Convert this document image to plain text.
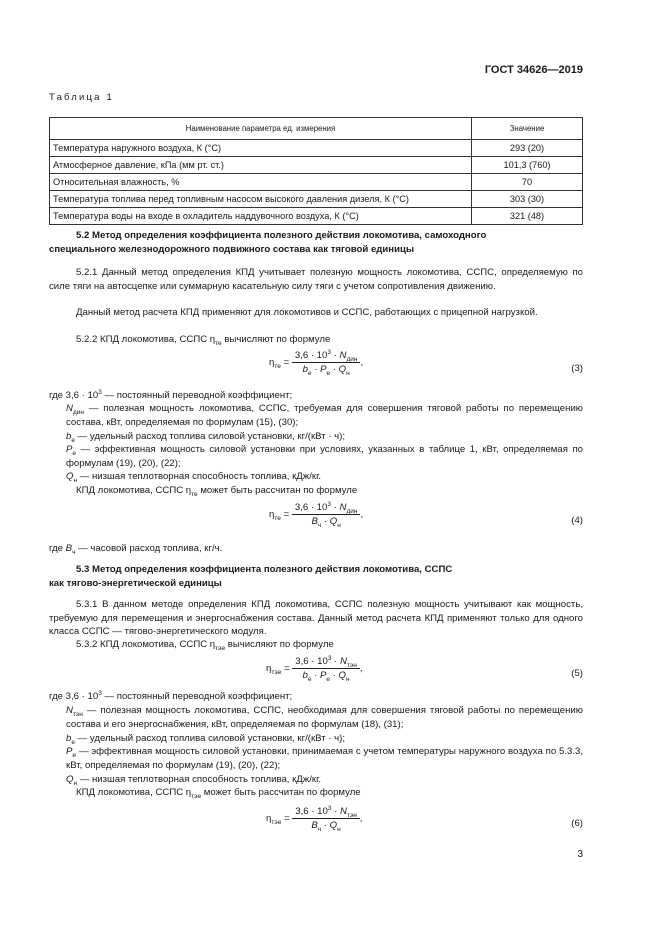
ГОСТ 34626—2019
Таблица 1
Наименование параметра ед. измерения	Значение
Температура наружного воздуха, К (°С)	293 (20)
Атмосферное давление, кПа (мм рт. ст.)	101,3 (760)
Относительная влажность, %	70
Температура топлива перед топливным насосом высокого давления дизеля, К (°С)	303 (30)
Температура воды на входе в охладитель наддувочного воздуха, К (°С)	321 (48)
5.2 Метод определения коэффициента полезного действия локомотива, самоходного
специального железнодорожного подвижного состава как тяговой единицы
5.2.1 Данный метод определения КПД учитывает полезную мощность локомотива, ССПС, определяемую по силе тяги на автосцепке или суммарную касательную силу тяги с учетом сопротивления движению.
Данный метод расчета КПД применяют для локомотивов и ССПС, работающих с прицепной нагрузкой.
5.2.2 КПД локомотива, ССПС $\eta_{те}$ вычисляют по формуле
$\eta_{те} = \frac{3,6 \cdot 10^3 \cdot N_{дин}}{b_e \cdot P_e \cdot Q_н}$ ,
(3)
где $3,6 \cdot 10^3$ — постоянный переводной коэффициент;
$N_{дин}$ — полезная мощность локомотива, ССПС, требуемая для совершения тяговой работы по перемещению состава, кВт, определяемая по формулам (15), (30);
$b_e$ — удельный расход топлива силовой установки, кг/(кВт · ч);
$P_e$ — эффективная мощность силовой установки при условиях, указанных в таблице 1, кВт, определяемая по формулам (19), (20), (22);
$Q_н$ — низшая теплотворная способность топлива, кДж/кг.
КПД локомотива, ССПС $\eta_{те}$ может быть рассчитан по формуле
$\eta_{те} = \frac{3,6 \cdot 10^3 \cdot N_{дин}}{B_ч \cdot Q_н}$ ,
(4)
где $B_ч$ — часовой расход топлива, кг/ч.
5.3 Метод определения коэффициента полезного действия локомотива, ССПС
как тягово-энергетической единицы
5.3.1 В данном методе определения КПД локомотива, ССПС полезную мощность учитывают как мощность, требуемую для перемещения и энергоснабжения состава. Данный метод расчета КПД применяют только для одного класса ССПС — тягово-энергетического модуля.
5.3.2 КПД локомотива, ССПС $\eta_{тэе}$ вычисляют по формуле
$\eta_{тэе} = \frac{3,6 \cdot 10^3 \cdot N_{тэн}}{b_e \cdot P_e \cdot Q_н}$ ,	(5)
где $3,6 \cdot 10^3$ — постоянный переводной коэффициент;
$N_{тэн}$ — полезная мощность локомотива, ССПС, необходимая для совершения тяговой работы по перемещению состава и его энергоснабжения, кВт, определяемая по формулам (18), (31);
$b_e$ — удельный расход топлива силовой установки, кг/(кВт · ч);
$P_e$ — эффективная мощность силовой установки, принимаемая с учетом температуры наружного воздуха по 5.3.3, кВт, определяемая по формулам (19), (20), (22);
$Q_н$ — низшая теплотворная способность топлива, кДж/кг.
КПД локомотива, ССПС $\eta_{тэе}$ может быть рассчитан по формуле
$\eta_{тэе} = \frac{3,6 \cdot 10^3 \cdot N_{тэн}}{B_ч \cdot Q_н}$ ,	(6)
3
